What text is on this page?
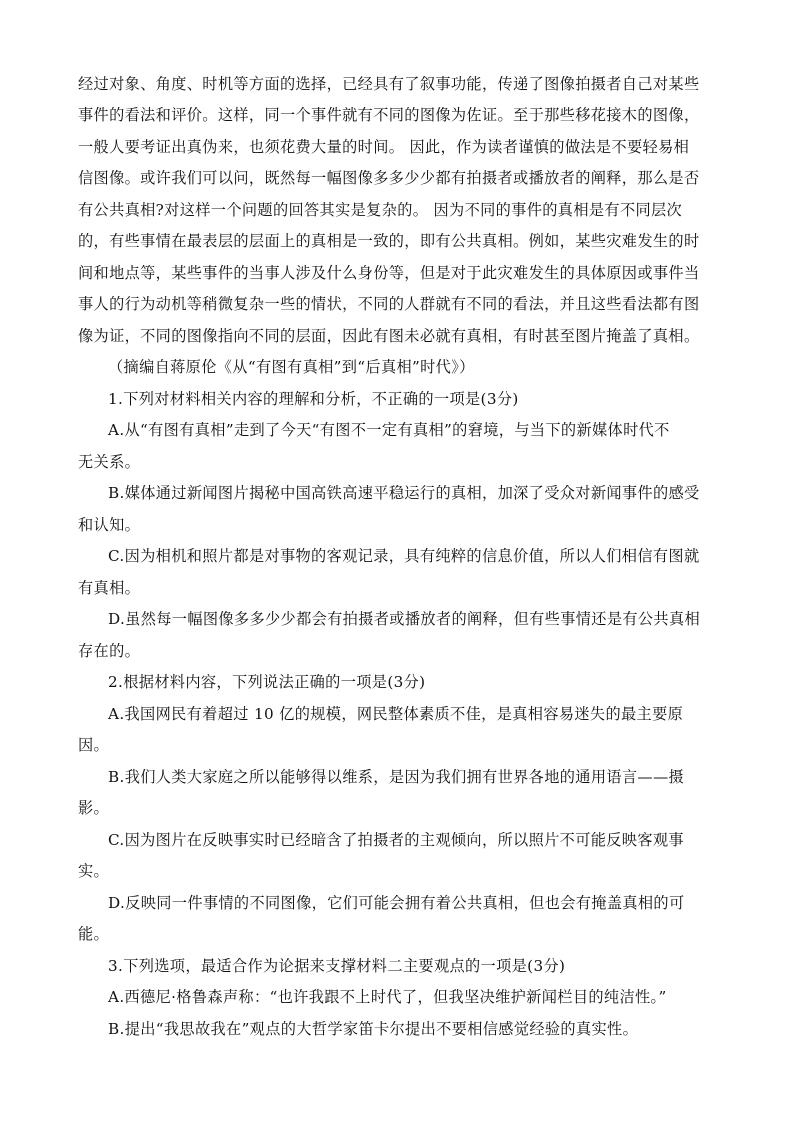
经过对象、角度、时机等方面的选择，已经具有了叙事功能，传递了图像拍摄者自己对某些
事件的看法和评价。这样，同一个事件就有不同的图像为佐证。至于那些移花接木的图像，
一般人要考证出真伪来，也须花费大量的时间。 因此，作为读者谨慎的做法是不要轻易相
信图像。或许我们可以问，既然每一幅图像多多少少都有拍摄者或播放者的阐释，那么是否
有公共真相?对这样一个问题的回答其实是复杂的。 因为不同的事件的真相是有不同层次
的，有些事情在最表层的层面上的真相是一致的，即有公共真相。例如，某些灾难发生的时
间和地点等，某些事件的当事人涉及什么身份等，但是对于此灾难发生的具体原因或事件当
事人的行为动机等稍微复杂一些的情状，不同的人群就有不同的看法，并且这些看法都有图
像为证，不同的图像指向不同的层面，因此有图未必就有真相，有时甚至图片掩盖了真相。
（摘编自蒋原伦《从“有图有真相”到“后真相”时代》）
1.下列对材料相关内容的理解和分析，不正确的一项是(3分)
A.从“有图有真相”走到了今天“有图不一定有真相”的窘境，与当下的新媒体时代不
无关系。
B.媒体通过新闻图片揭秘中国高铁高速平稳运行的真相，加深了受众对新闻事件的感受
和认知。
C.因为相机和照片都是对事物的客观记录，具有纯粹的信息价值，所以人们相信有图就
有真相。
D.虽然每一幅图像多多少少都会有拍摄者或播放者的阐释，但有些事情还是有公共真相
存在的。
2.根据材料内容，下列说法正确的一项是(3分)
A.我国网民有着超过 10 亿的规模，网民整体素质不佳，是真相容易迷失的最主要原
因。
B.我们人类大家庭之所以能够得以维系，是因为我们拥有世界各地的通用语言——摄
影。
C.因为图片在反映事实时已经暗含了拍摄者的主观倾向，所以照片不可能反映客观事
实。
D.反映同一件事情的不同图像，它们可能会拥有着公共真相，但也会有掩盖真相的可
能。
3.下列选项，最适合作为论据来支撑材料二主要观点的一项是(3分)
A.西德尼·格鲁森声称：“也许我跟不上时代了，但我坚决维护新闻栏目的纯洁性。”
B.提出“我思故我在”观点的大哲学家笛卡尔提出不要相信感觉经验的真实性。
